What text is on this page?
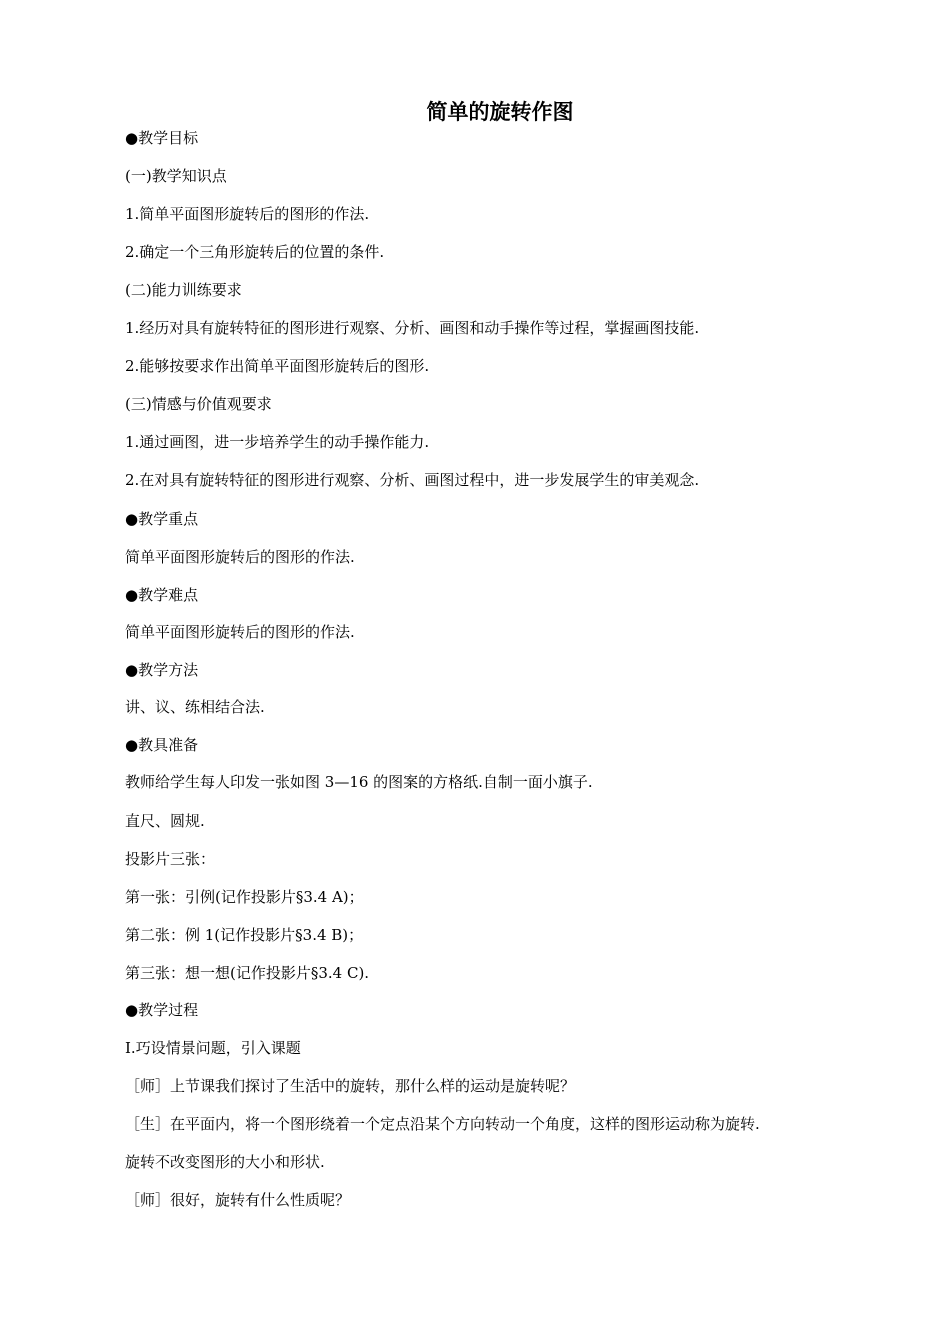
简单的旋转作图
●教学目标
(一)教学知识点
1.简单平面图形旋转后的图形的作法.
2.确定一个三角形旋转后的位置的条件.
(二)能力训练要求
1.经历对具有旋转特征的图形进行观察、分析、画图和动手操作等过程，掌握画图技能.
2.能够按要求作出简单平面图形旋转后的图形.
(三)情感与价值观要求
1.通过画图，进一步培养学生的动手操作能力.
2.在对具有旋转特征的图形进行观察、分析、画图过程中，进一步发展学生的审美观念.
●教学重点
简单平面图形旋转后的图形的作法.
●教学难点
简单平面图形旋转后的图形的作法.
●教学方法
讲、议、练相结合法.
●教具准备
教师给学生每人印发一张如图 3—16 的图案的方格纸.自制一面小旗子.
直尺、圆规.
投影片三张：
第一张：引例(记作投影片§3.4 A)；
第二张：例 1(记作投影片§3.4 B)；
第三张：想一想(记作投影片§3.4 C).
●教学过程
Ⅰ.巧设情景问题，引入课题
［师］上节课我们探讨了生活中的旋转，那什么样的运动是旋转呢？
［生］在平面内，将一个图形绕着一个定点沿某个方向转动一个角度，这样的图形运动称为旋转.
旋转不改变图形的大小和形状.
［师］很好，旋转有什么性质呢？
